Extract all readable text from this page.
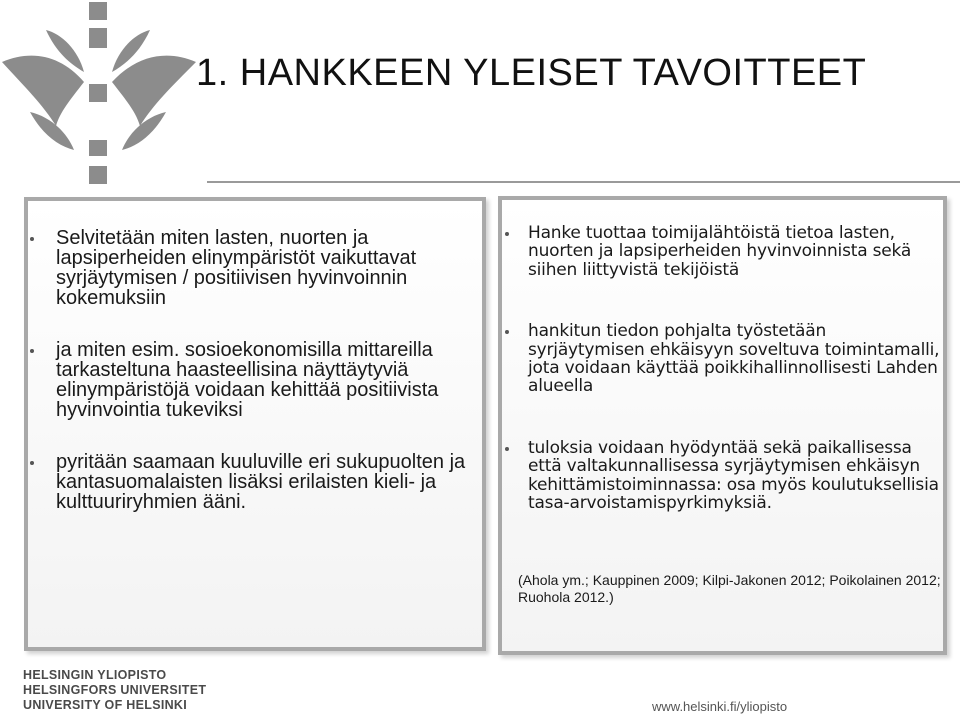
1. HANKKEEN YLEISET TAVOITTEET
Selvitetään miten lasten, nuorten ja lapsiperheiden elinympäristöt vaikuttavat syrjäytymisen / positiivisen hyvinvoinnin kokemuksiin
ja miten esim. sosioekonomisilla mittareilla tarkasteltuna haasteellisina näyttäytyviä elinympäristöjä voidaan kehittää positiivista hyvinvointia tukeviksi
pyritään saamaan kuuluville eri sukupuolten ja kantasuomalaisten lisäksi erilaisten kieli- ja kulttuuriryhmien ääni.
Hanke tuottaa toimijalähtöistä tietoa lasten, nuorten ja lapsiperheiden hyvinvoinnista sekä siihen liittyvistä tekijöistä
hankitun tiedon pohjalta työstetään syrjäytymisen ehkäisyyn soveltuva toimintamalli, jota voidaan käyttää poikkihallinnollisesti Lahden alueella
tuloksia voidaan hyödyntää sekä paikallisessa että valtakunnallisessa syrjäytymisen ehkäisyn kehittämistoiminnassa: osa myös koulutuksellisia tasa-arvoistamispyrkimyksiä.
(Ahola ym.; Kauppinen 2009; Kilpi-Jakonen 2012; Poikolainen 2012; Ruohola 2012.)
HELSINGIN YLIOPISTO
HELSINGFORS UNIVERSITET
UNIVERSITY OF HELSINKI	www.helsinki.fi/yliopisto
